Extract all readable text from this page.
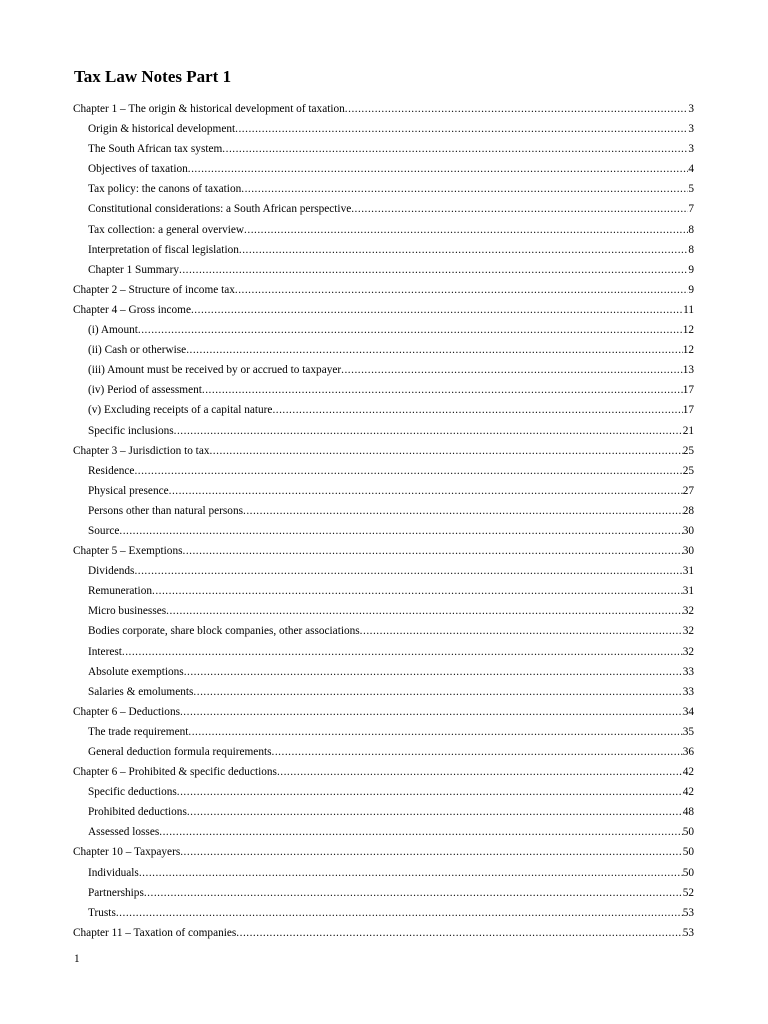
Tax Law Notes Part 1
Chapter 1 – The origin & historical development of taxation .....	3
Origin & historical development .....	3
The South African tax system .....	3
Objectives of taxation .....	4
Tax policy: the canons of taxation .....	5
Constitutional considerations: a South African perspective .....	7
Tax collection: a general overview .....	8
Interpretation of fiscal legislation .....	8
Chapter 1 Summary .....	9
Chapter 2 – Structure of income tax .....	9
Chapter 4 – Gross income .....	11
(i) Amount .....	12
(ii) Cash or otherwise .....	12
(iii) Amount must be received by or accrued to taxpayer .....	13
(iv) Period of assessment .....	17
(v) Excluding receipts of a capital nature .....	17
Specific inclusions .....	21
Chapter 3 – Jurisdiction to tax .....	25
Residence .....	25
Physical presence .....	27
Persons other than natural persons .....	28
Source .....	30
Chapter 5 – Exemptions .....	30
Dividends .....	31
Remuneration .....	31
Micro businesses .....	32
Bodies corporate, share block companies, other associations .....	32
Interest .....	32
Absolute exemptions .....	33
Salaries & emoluments .....	33
Chapter 6 – Deductions .....	34
The trade requirement .....	35
General deduction formula requirements .....	36
Chapter 6 – Prohibited & specific deductions .....	42
Specific deductions .....	42
Prohibited deductions .....	48
Assessed losses .....	50
Chapter 10 – Taxpayers .....	50
Individuals .....	50
Partnerships .....	52
Trusts .....	53
Chapter 11 – Taxation of companies .....	53
1
